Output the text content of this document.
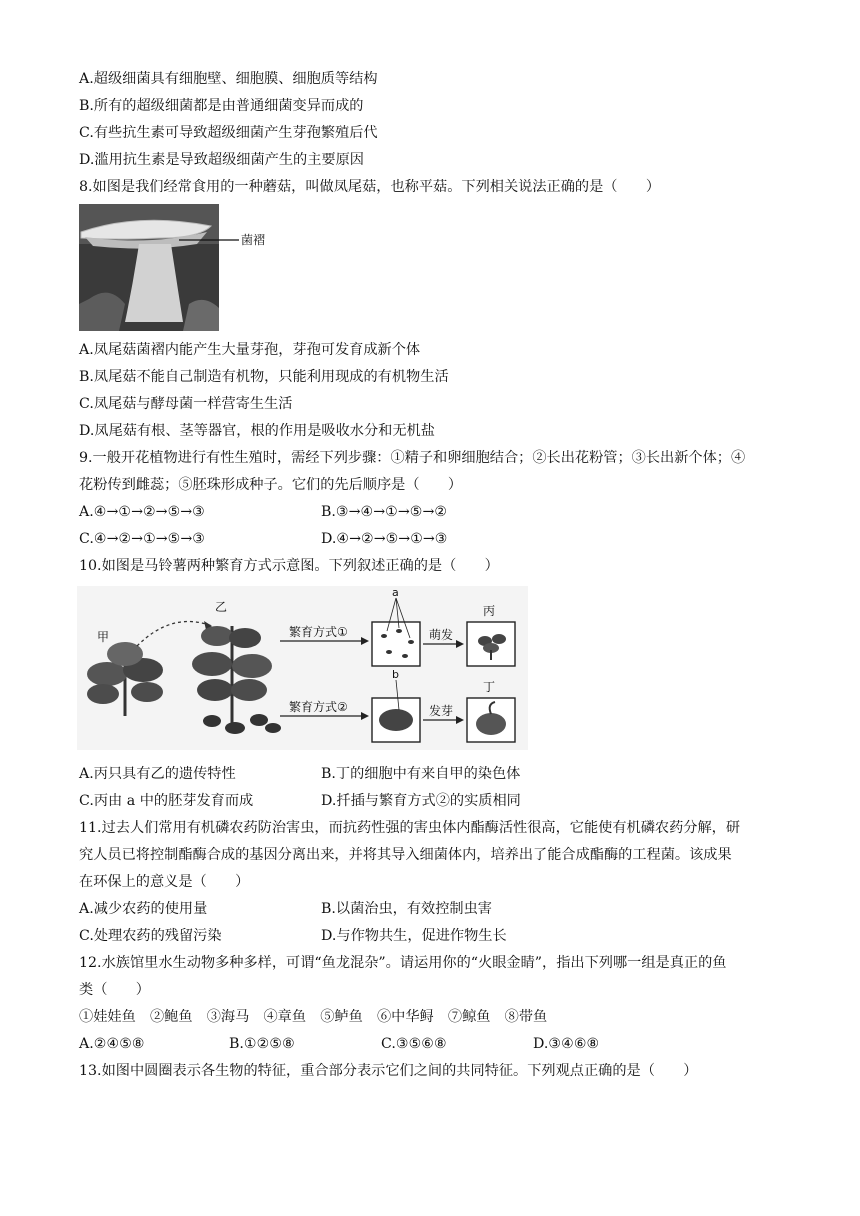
A.超级细菌具有细胞壁、细胞膜、细胞质等结构
B.所有的超级细菌都是由普通细菌变异而成的
C.有些抗生素可导致超级细菌产生芽孢繁殖后代
D.滥用抗生素是导致超级细菌产生的主要原因
8.如图是我们经常食用的一种蘑菇，叫做凤尾菇，也称平菇。下列相关说法正确的是（　　）
菌褶
A.凤尾菇菌褶内能产生大量芽孢，芽孢可发育成新个体
B.凤尾菇不能自己制造有机物，只能利用现成的有机物生活
C.凤尾菇与酵母菌一样营寄生生活
D.凤尾菇有根、茎等器官，根的作用是吸收水分和无机盐
9.一般开花植物进行有性生殖时，需经下列步骤：①精子和卵细胞结合；②长出花粉管；③长出新个体；④
花粉传到雌蕊；⑤胚珠形成种子。它们的先后顺序是（　　）
A.④→①→②→⑤→③	B.③→④→①→⑤→②
C.④→②→①→⑤→③	D.④→②→⑤→①→③
10.如图是马铃薯两种繁育方式示意图。下列叙述正确的是（　　）
甲
乙
繁育方式①
繁育方式②
a
b
萌发
发芽
丙
丁
A.丙只具有乙的遗传特性	B.丁的细胞中有来自甲的染色体
C.丙由 a 中的胚芽发育而成	D.扦插与繁育方式②的实质相同
11.过去人们常用有机磷农药防治害虫，而抗药性强的害虫体内酯酶活性很高，它能使有机磷农药分解，研
究人员已将控制酯酶合成的基因分离出来，并将其导入细菌体内，培养出了能合成酯酶的工程菌。该成果
在环保上的意义是（　　）
A.减少农药的使用量	B.以菌治虫，有效控制虫害
C.处理农药的残留污染	D.与作物共生，促进作物生长
12.水族馆里水生动物多种多样，可谓“鱼龙混杂”。请运用你的“火眼金睛”，指出下列哪一组是真正的鱼
类（　　）
①娃娃鱼　②鲍鱼　③海马　④章鱼　⑤鲈鱼　⑥中华鲟　⑦鲸鱼　⑧带鱼
A.②④⑤⑧	B.①②⑤⑧	C.③⑤⑥⑧	D.③④⑥⑧
13.如图中圆圈表示各生物的特征，重合部分表示它们之间的共同特征。下列观点正确的是（　　）
